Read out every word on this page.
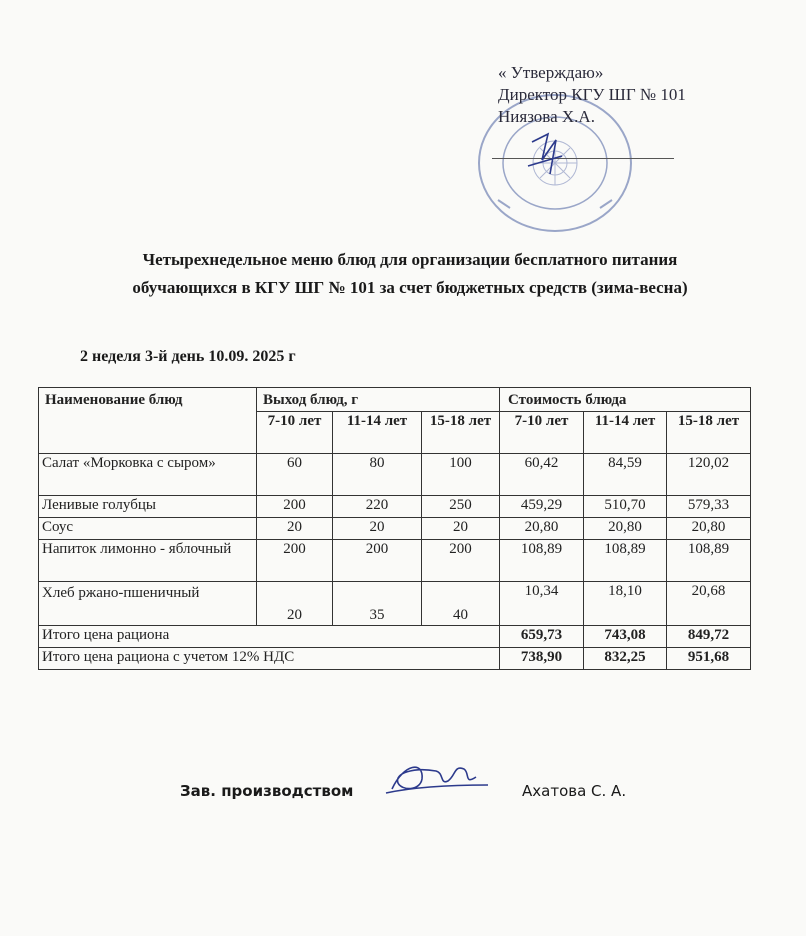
« Утверждаю»
Директор КГУ ШГ № 101
Ниязова Х.А.
Четырехнедельное меню блюд для организации бесплатного питания
обучающихся в КГУ ШГ № 101 за счет бюджетных средств (зима-весна)
2 неделя 3-й день 10.09. 2025 г
Наименование блюд	Выход блюд, г			Стоимость блюда		
	7-10 лет	11-14 лет	15-18 лет	7-10 лет	11-14 лет	15-18 лет
Салат «Морковка с сыром»	60	80	100	60,42	84,59	120,02
Ленивые голубцы	200	220	250	459,29	510,70	579,33
Соус	20	20	20	20,80	20,80	20,80
Напиток лимонно - яблочный	200	200	200	108,89	108,89	108,89
Хлеб ржано-пшеничный	20	35	40	10,34	18,10	20,68
Итого цена рациона				659,73	743,08	849,72
Итого цена рациона с учетом 12% НДС				738,90	832,25	951,68
Зав. производством	Ахатова С. А.
